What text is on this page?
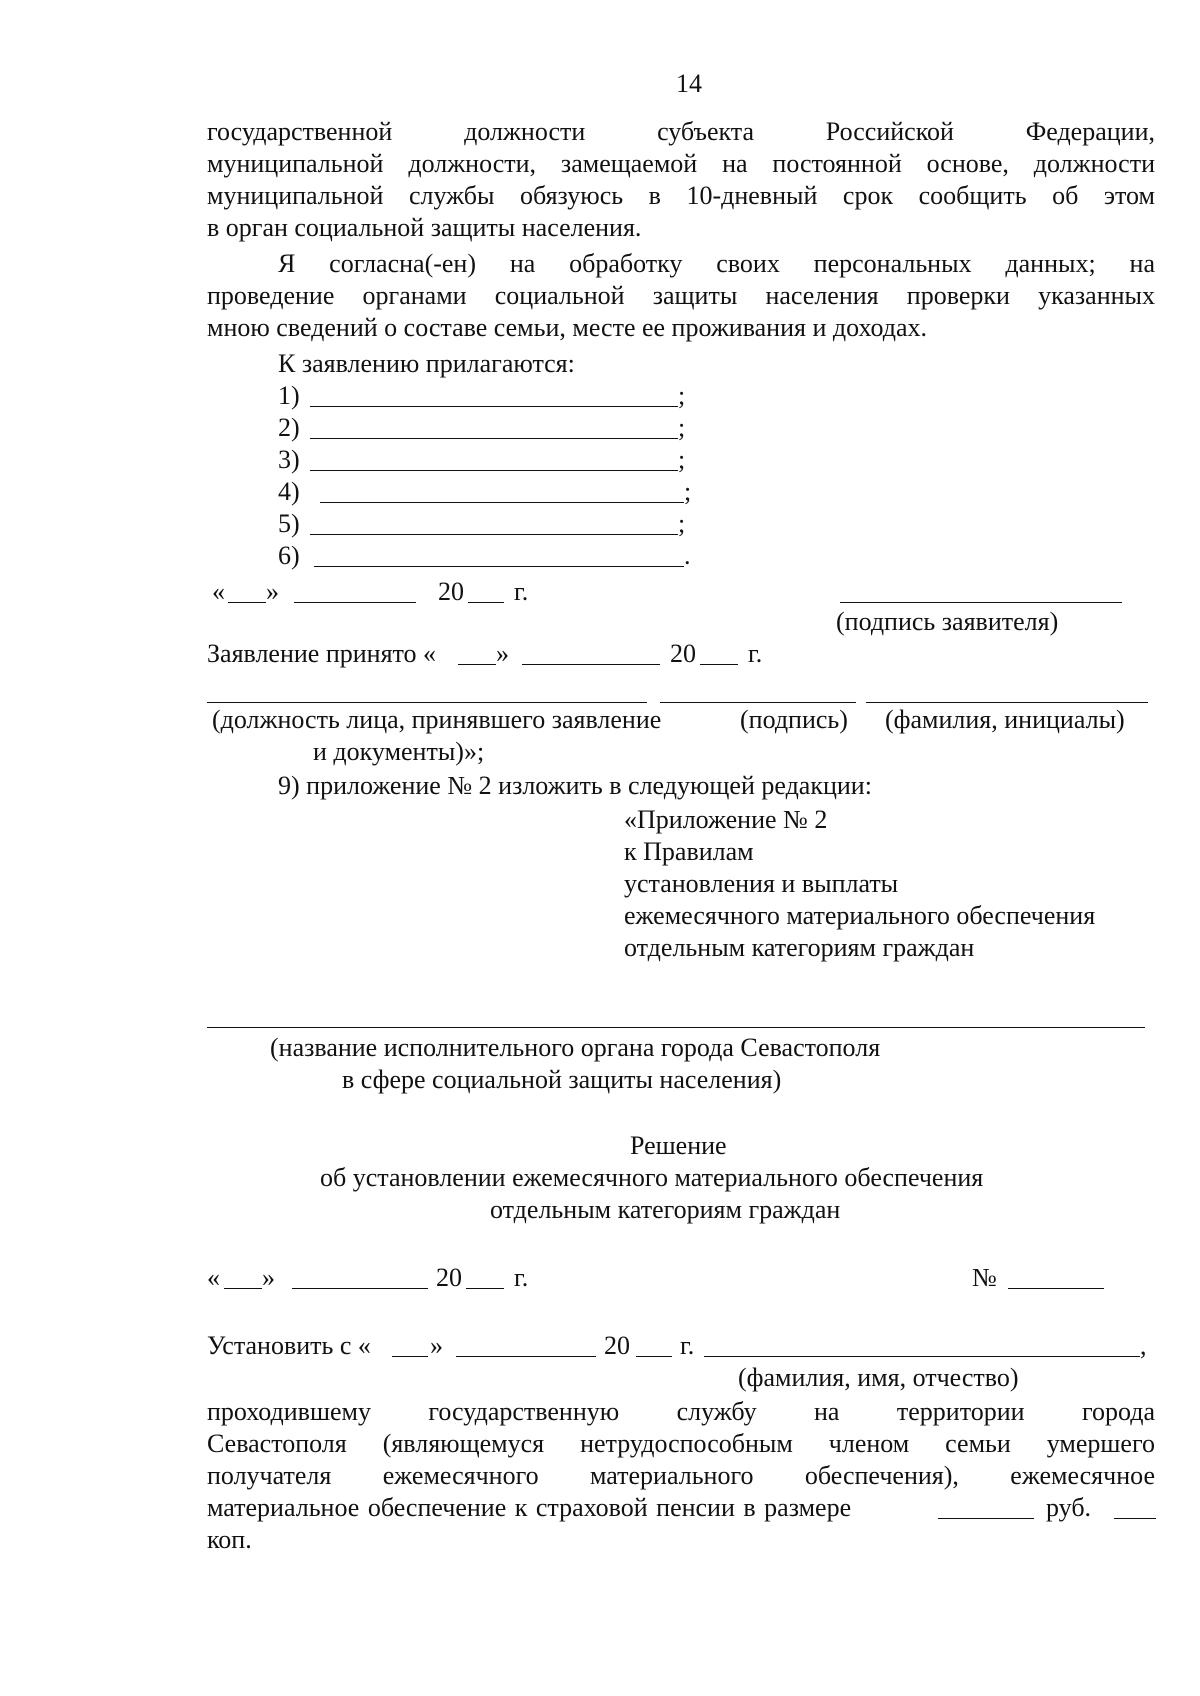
14
государственной должности субъекта Российской Федерации,
муниципальной должности, замещаемой на постоянной основе, должности
муниципальной службы обязуюсь в 10-дневный срок сообщить об этом
в орган социальной защиты населения.
Я согласна(-ен) на обработку своих персональных данных; на
проведение органами социальной защиты населения проверки указанных
мною сведений о составе семьи, месте ее проживания и доходах.
К заявлению прилагаются:
1)	;
2)	;
3)	;
4)	;
5)	;
6)	.
« »	20 г.
(подпись заявителя)
Заявление принято « »	20 г.
(должность лица, принявшего заявление	(подпись) (фамилия, инициалы)
и документы)»;
9) приложение № 2 изложить в следующей редакции:
«Приложение № 2
к Правилам
установления и выплаты
ежемесячного материального обеспечения
отдельным категориям граждан
(название исполнительного органа города Севастополя
в сфере социальной защиты населения)
Решение
об установлении ежемесячного материального обеспечения
отдельным категориям граждан
« »	20 г.	№
Установить с « »	20 г.	,
(фамилия, имя, отчество)
проходившему государственную службу на территории города
Севастополя (являющемуся нетрудоспособным членом семьи умершего
получателя ежемесячного материального обеспечения), ежемесячное
материальное обеспечение к страховой пенсии в размере	руб.
коп.
